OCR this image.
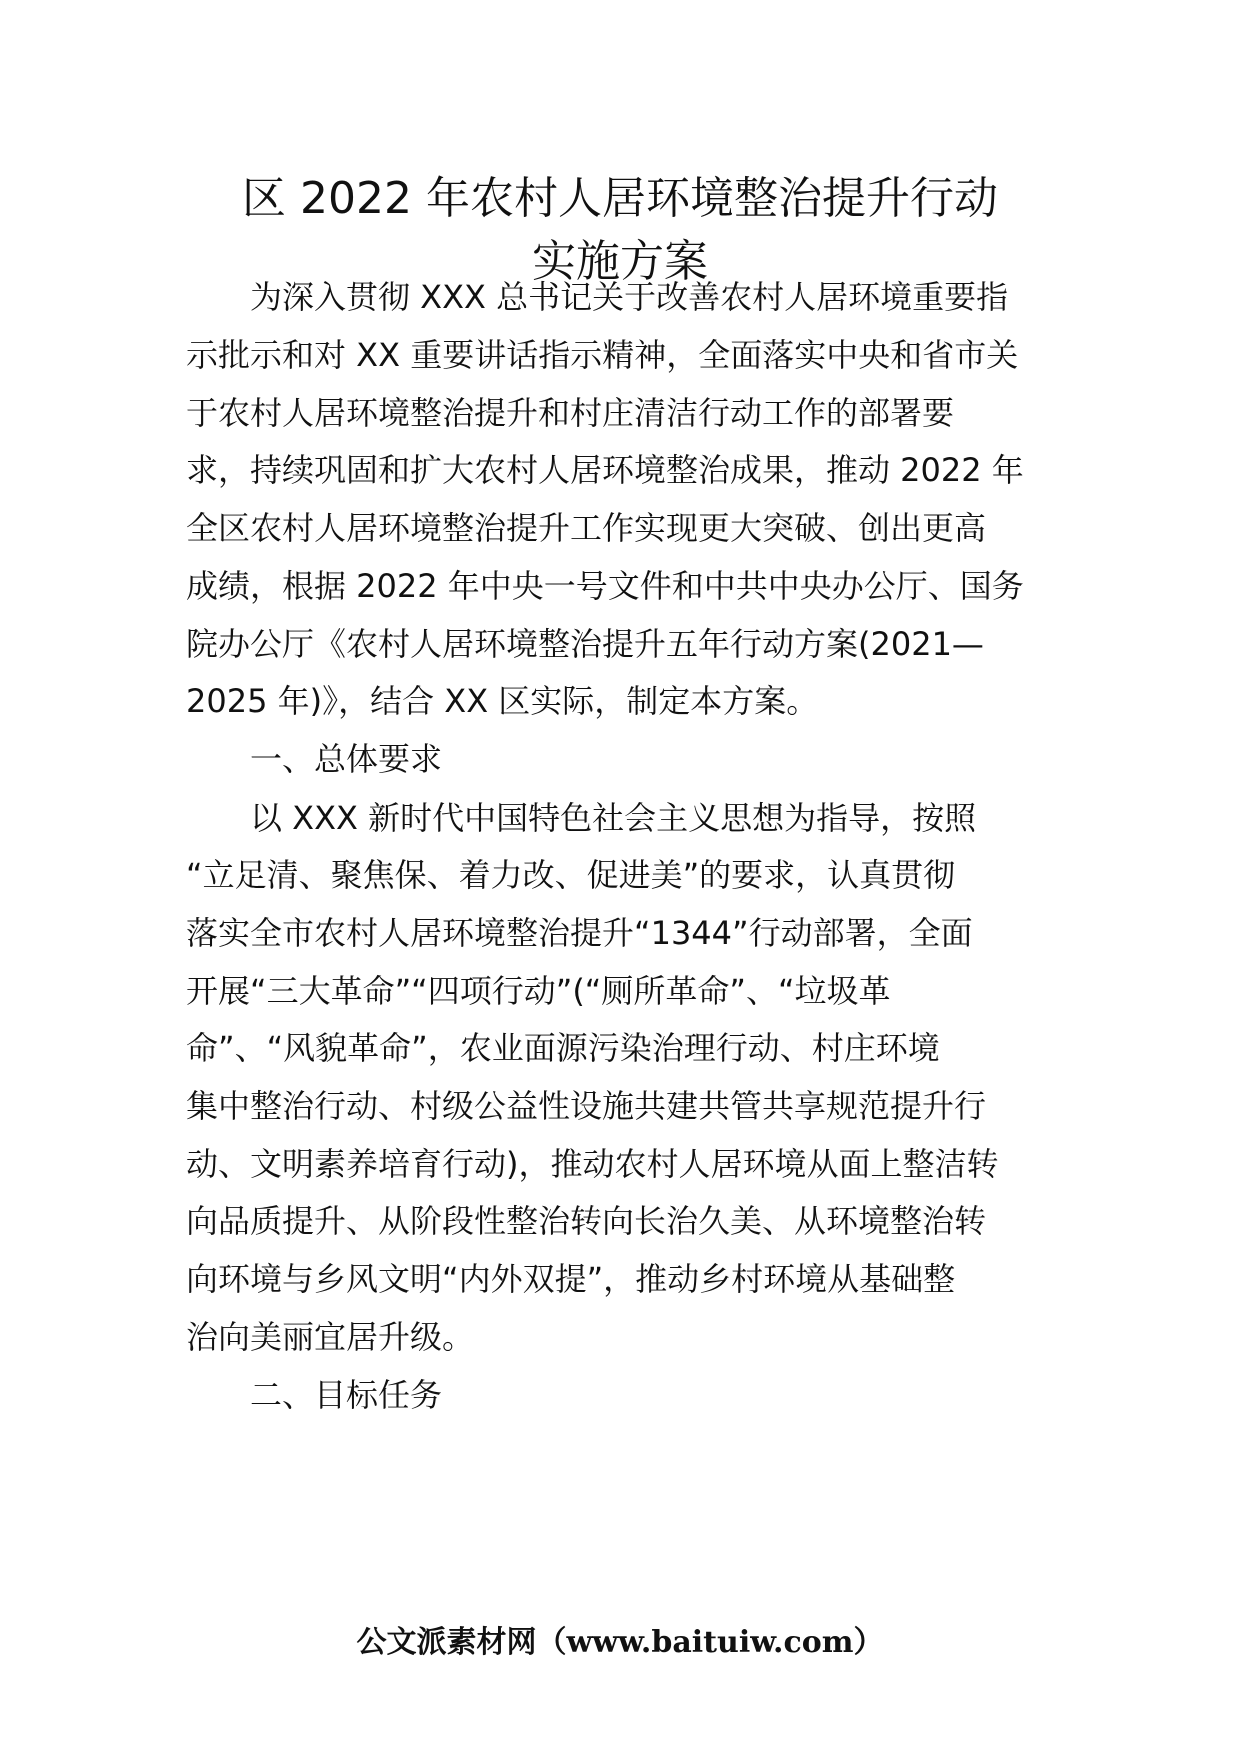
区 2022 年农村人居环境整治提升行动
实施方案
　　为深入贯彻 XXX 总书记关于改善农村人居环境重要指
示批示和对 XX 重要讲话指示精神，全面落实中央和省市关
于农村人居环境整治提升和村庄清洁行动工作的部署要
求，持续巩固和扩大农村人居环境整治成果，推动 2022 年
全区农村人居环境整治提升工作实现更大突破、创出更高
成绩，根据 2022 年中央一号文件和中共中央办公厅、国务
院办公厅《农村人居环境整治提升五年行动方案(2021—
2025 年)》，结合 XX 区实际，制定本方案。
　　一、总体要求
　　以 XXX 新时代中国特色社会主义思想为指导，按照
“立足清、聚焦保、着力改、促进美”的要求，认真贯彻
落实全市农村人居环境整治提升“1344”行动部署，全面
开展“三大革命”“四项行动”(“厕所革命”、“垃圾革
命”、“风貌革命”，农业面源污染治理行动、村庄环境
集中整治行动、村级公益性设施共建共管共享规范提升行
动、文明素养培育行动)，推动农村人居环境从面上整洁转
向品质提升、从阶段性整治转向长治久美、从环境整治转
向环境与乡风文明“内外双提”，推动乡村环境从基础整
治向美丽宜居升级。
　　二、目标任务
公文派素材网（www.baituiw.com）
